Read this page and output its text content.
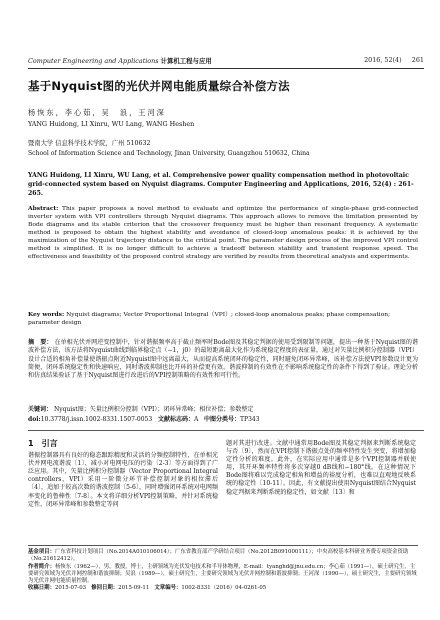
Computer Engineering and Applications 计算机工程与应用	2016, 52(4) 261
基于Nyquist图的光伏并网电能质量综合补偿方法
杨恢东，李心茹，吴　浪，王河深
YANG Huidong, LI Xinru, WU Lang, WANG Heshen
暨南大学 信息科学技术学院，广州 510632
School of Information Science and Technology, Jinan University, Guangzhou 510632, China
YANG Huidong, LI Xinru, WU Lang, et al. Comprehensive power quality compensation method in photovoltaic grid-connected system based on Nyquist diagrams. Computer Engineering and Applications, 2016, 52(4) : 261-265.
Abstract: This paper proposes a novel method to evaluate and optimize the performance of single-phase grid-connected inverter system with VPI controllers through Nyquist diagrams. This approach allows to remove the limitation presented by Bode diagrams and its stable criterion that the crossover frequency must be higher than resonant frequency. A systematic method is proposed to obtain the highest stability and avoidance of closed-loop anomalous peaks: it is achieved by the maximization of the Nyquist trajectory distance to the critical point. The parameter design process of the improved VPI control method is simplified. It is no longer difficult to achieve a tradeoff between stability and transient response speed. The effectiveness and feasibility of the proposed control strategy are verified by results from theoretical analysis and experiments.
Key words: Nyquist diagrams; Vector Proportional Integral（VPI）; closed-loop anomalous peaks; phase compensation; parameter design
摘　要： 在单相光伏并网逆变控制中，针对谐振频率高于截止频率时Bode图及其稳定判据的使用受到限制等问题，提出一种基于Nyquist图的谐波补偿方法，该方法将Nyquist曲线到临界稳定点（−1，j0）的最短距离最大化作为系统稳定程度的表征量，通过对矢量比例积分控制器（VPI）设计合适的相角补偿量使谐振点附近Nyquist图中远离最大，从而提高系统闭环的稳定性，同时避免闭环异常峰，该补偿方法使VPI参数设计更为简便，闭环系统稳定性和快速响应，同时谐波抑制也比开环的补偿更有效。谐波抑制的有效性在不影响系统稳定性的条件下得到了验证。理论分析和仿真结果验证了基于Nyquist图进行改进后的VPI控制策略的有效性和可行性。
关键词： Nyquist图；矢量比例积分控制（VPI）；闭环异常峰；相位补偿；参数整定
doi:10.3778/j.issn.1002-8331.1507-0053 文献标志码：A 中图分类号：TP343
1　引言
谐振控制器具有良好的稳态跟踪精度和灵活的分频控制特性，在单相光伏并网电流谐波〔1〕、减小对电网电压的污染〔2-3〕等方面得到了广泛应用。其中，矢量比例积分控制器（Vector Proportional Integral controllers，VPI）采用一阶微分环节补偿控制对象的相位滞后〔4〕，追加于较高次数的谐波控制〔5-6〕，同时增强闭环系统对电网频率变化的鲁棒性〔7-8〕。本文将详细分析VPI控制策略，并针对系统稳定性，闭环异常峰和参数整定等问
题对其进行改进。文献中通常用Bode图及其稳定判据来判断系统稳定与否〔9〕，然而在VPI控制下谐振点处的频率特性发生突变，将增加稳定性分析的难度。此外，在实际应用中通常是多个VPI控制器并联使用，其开环频率特性将多次穿越0 dB线和−180°线。在这种情况下Bode图将难以完成稳定相角和增益的裕度分析，也难以直观地反映系统的稳定性〔10-11〕。因此，有文献提出使用Nyquist图结合Nyquist稳定判据来判断系统的稳定性，如文献〔13〕和
基金项目：广东省科技计划项目（No.2014A010106014）；广东省教育部产学研结合项目（No.2012B091000111）；中央高校基本科研业务费专项资金资助（No.21612412）。
作者简介：杨恢东（1962—），男，教授，博士，主研领域为光伏发电技术和半导体物理，E-mail：tyanghd@jnu.edu.cn；李心茹（1991—），硕士研究生，主要研究领域为光伏并网控制和谐波抑制；吴浪（1989—），硕士研究生，主要研究领域为光伏并网控制和谐波抑制；王河深（1990—），硕士研究生，主要研究领域为光伏并网电能质量控制。
收稿日期：2015-07-03 修回日期：2015-09-11 文章编号：1002-8331（2016）04-0261-05
